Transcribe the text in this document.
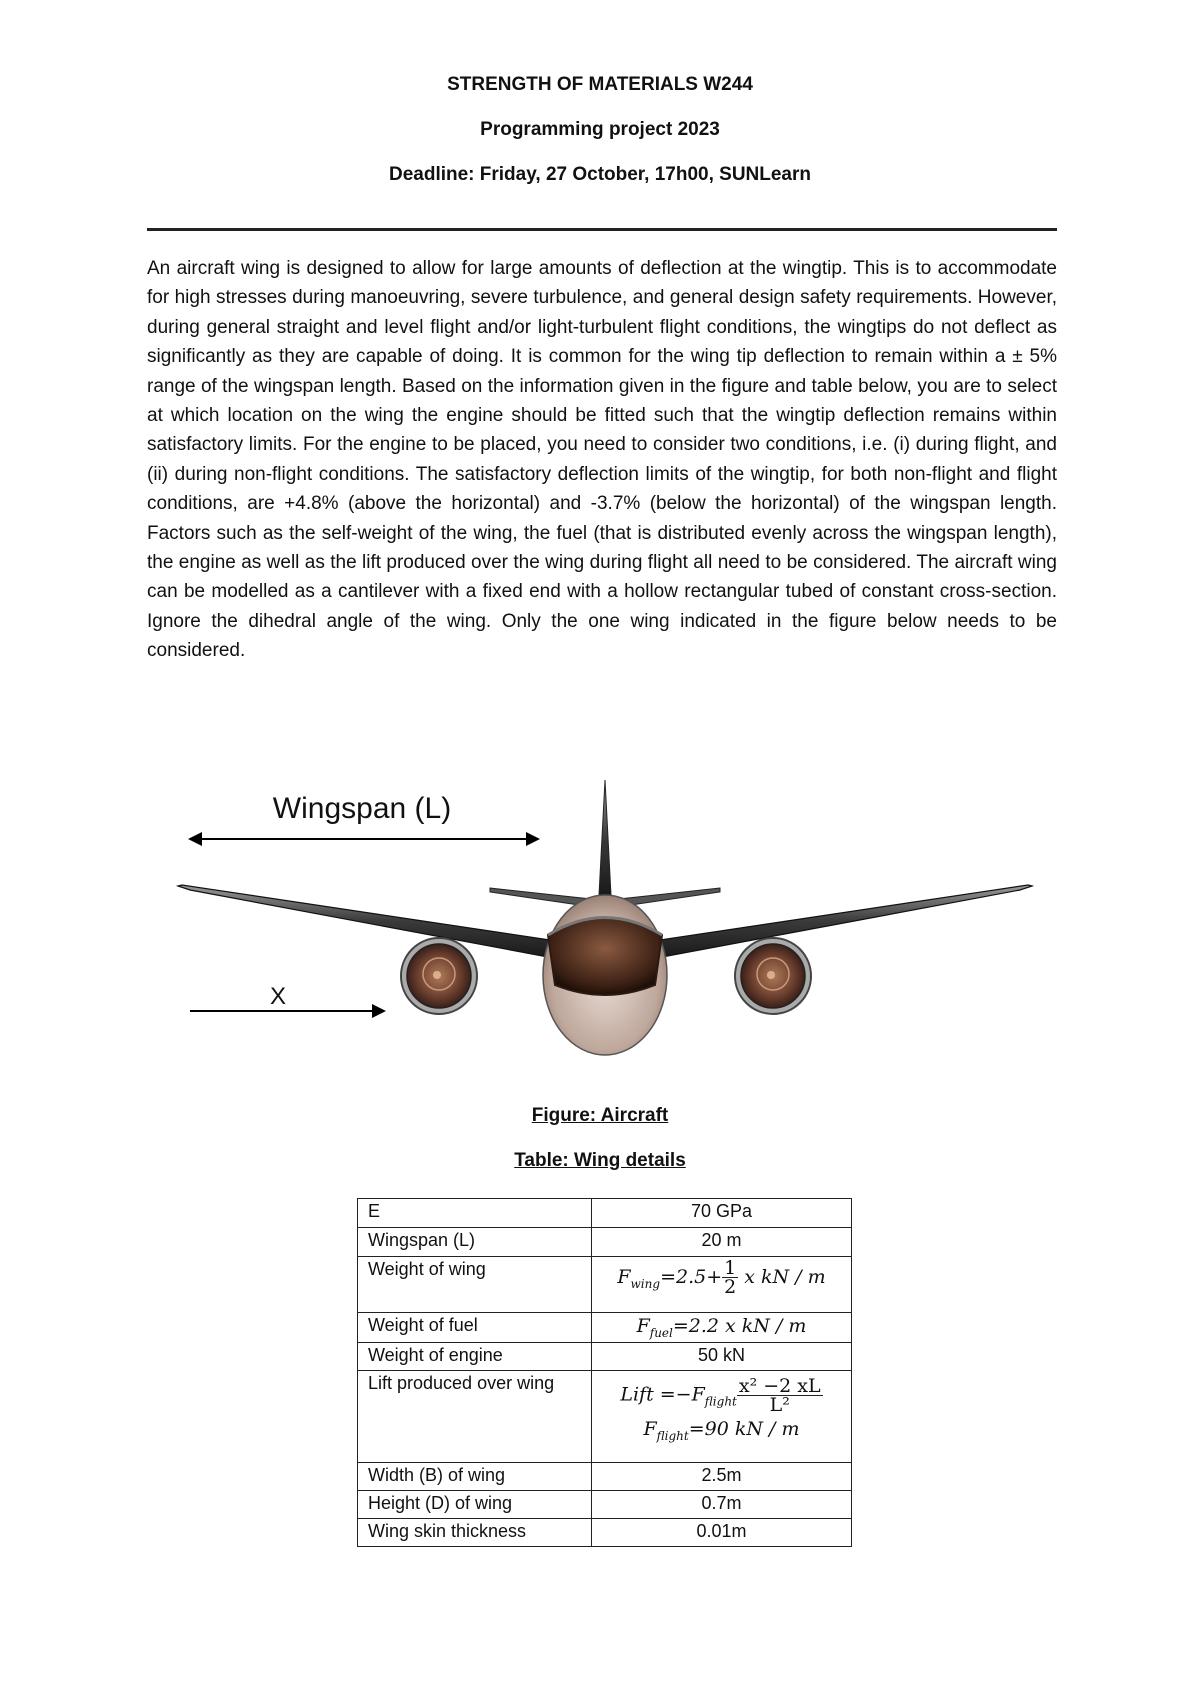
STRENGTH OF MATERIALS W244
Programming project 2023
Deadline: Friday, 27 October, 17h00, SUNLearn

An aircraft wing is designed to allow for large amounts of deflection at the wingtip. This is to accommodate for high stresses during manoeuvring, severe turbulence, and general design safety requirements. However, during general straight and level flight and/or light-turbulent flight conditions, the wingtips do not deflect as significantly as they are capable of doing. It is common for the wing tip deflection to remain within a ± 5% range of the wingspan length. Based on the information given in the figure and table below, you are to select at which location on the wing the engine should be fitted such that the wingtip deflection remains within satisfactory limits. For the engine to be placed, you need to consider two conditions, i.e. (i) during flight, and (ii) during non-flight conditions. The satisfactory deflection limits of the wingtip, for both non-flight and flight conditions, are +4.8% (above the horizontal) and -3.7% (below the horizontal) of the wingspan length. Factors such as the self-weight of the wing, the fuel (that is distributed evenly across the wingspan length), the engine as well as the lift produced over the wing during flight all need to be considered. The aircraft wing can be modelled as a cantilever with a fixed end with a hollow rectangular tubed of constant cross-section. Ignore the dihedral angle of the wing. Only the one wing indicated in the figure below needs to be considered.

Wingspan (L)
X
Figure: Aircraft
Table: Wing details
E	70 GPa
Wingspan (L)	20 m
Weight of wing	$F_{wing}=2.5+ \frac{1}{2}$ x kN / m
Weight of fuel	$F_{fuel}=2.2$ x kN / m
Weight of engine	50 kN
Lift produced over wing	Lift $=-F_{flight} \frac{\text{x² −2 xL}}{\text{L²}}$
$F_{flight}=90$ kN / m

Width (B) of wing	2.5m
Height (D) of wing	0.7m
Wing skin thickness	0.01m
